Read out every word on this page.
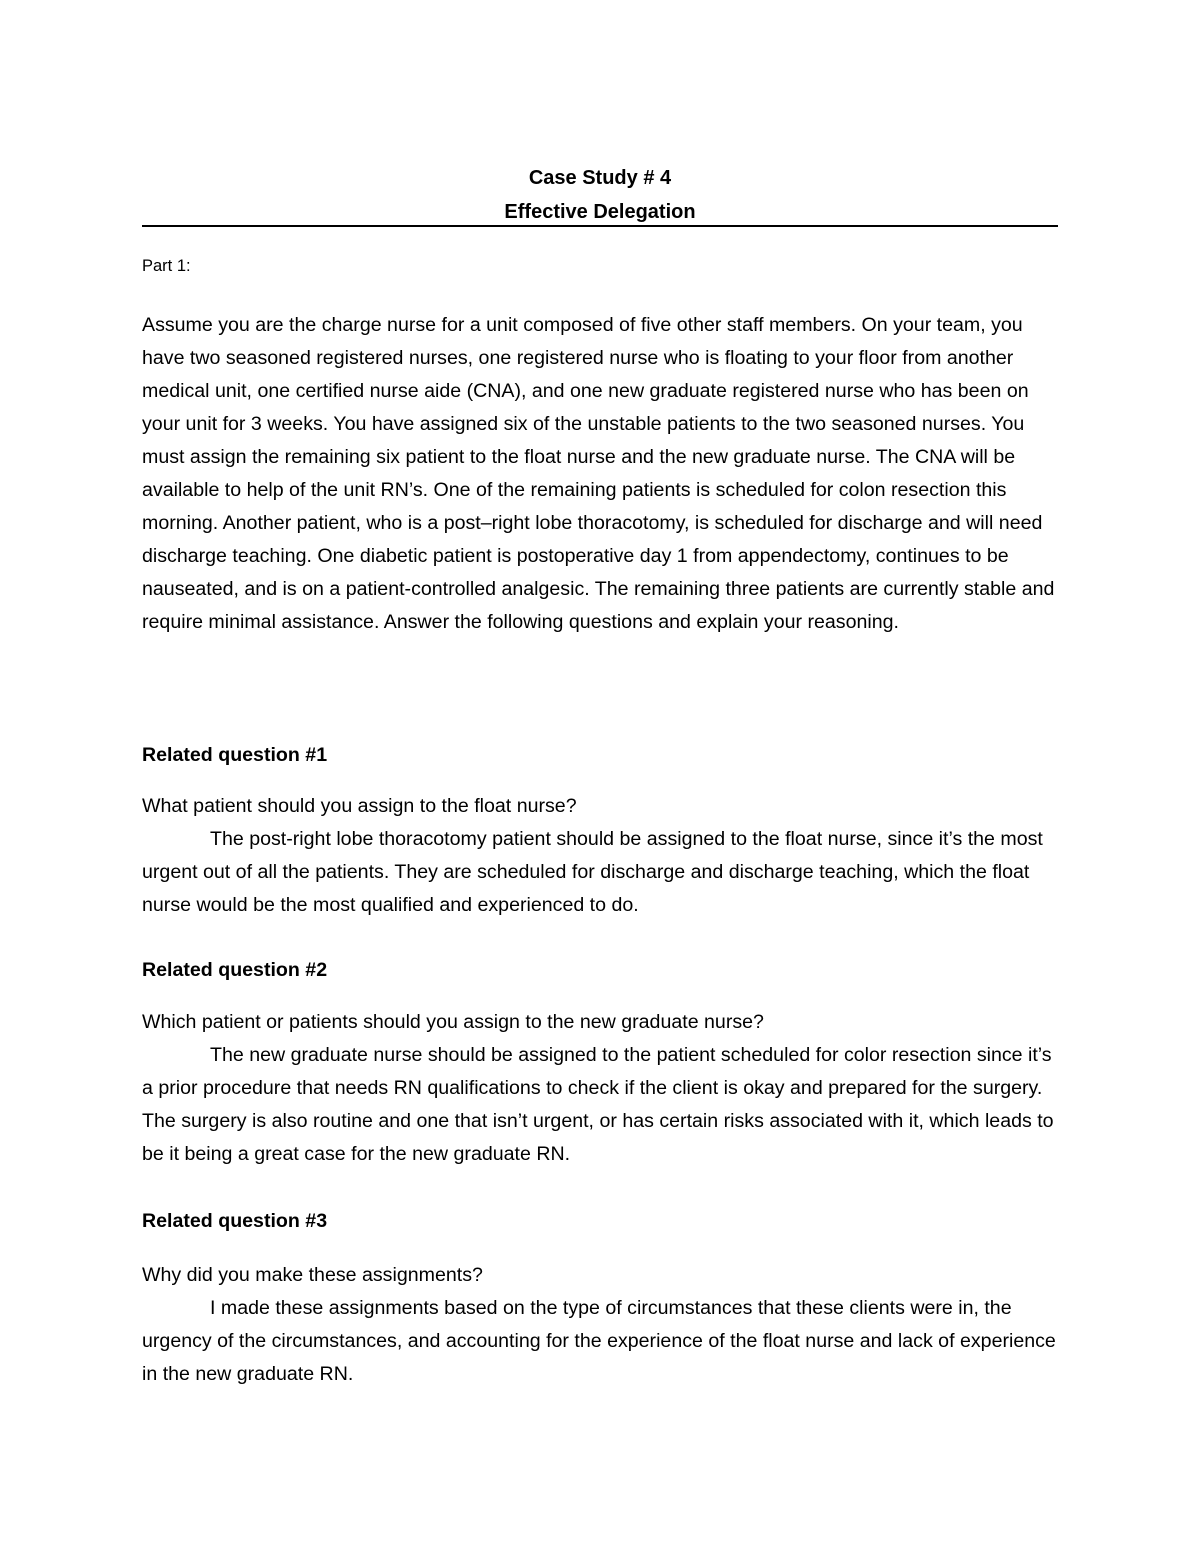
Case Study # 4
Effective Delegation
Part 1:

Assume you are the charge nurse for a unit composed of five other staff members. On your team, you have two seasoned registered nurses, one registered nurse who is floating to your floor from another medical unit, one certified nurse aide (CNA), and one new graduate registered nurse who has been on your unit for 3 weeks. You have assigned six of the unstable patients to the two seasoned nurses. You must assign the remaining six patient to the float nurse and the new graduate nurse. The CNA will be available to help of the unit RN’s. One of the remaining patients is scheduled for colon resection this morning. Another patient, who is a post–right lobe thoracotomy, is scheduled for discharge and will need discharge teaching. One diabetic patient is postoperative day 1 from appendectomy, continues to be nauseated, and is on a patient-controlled analgesic. The remaining three patients are currently stable and require minimal assistance. Answer the following questions and explain your reasoning.

Related question #1

What patient should you assign to the float nurse?

The post-right lobe thoracotomy patient should be assigned to the float nurse, since it’s the most urgent out of all the patients. They are scheduled for discharge and discharge teaching, which the float nurse would be the most qualified and experienced to do.

Related question #2

Which patient or patients should you assign to the new graduate nurse?

The new graduate nurse should be assigned to the patient scheduled for color resection since it’s a prior procedure that needs RN qualifications to check if the client is okay and prepared for the surgery. The surgery is also routine and one that isn’t urgent, or has certain risks associated with it, which leads to be it being a great case for the new graduate RN.

Related question #3

Why did you make these assignments?

I made these assignments based on the type of circumstances that these clients were in, the urgency of the circumstances, and accounting for the experience of the float nurse and lack of experience in the new graduate RN.
